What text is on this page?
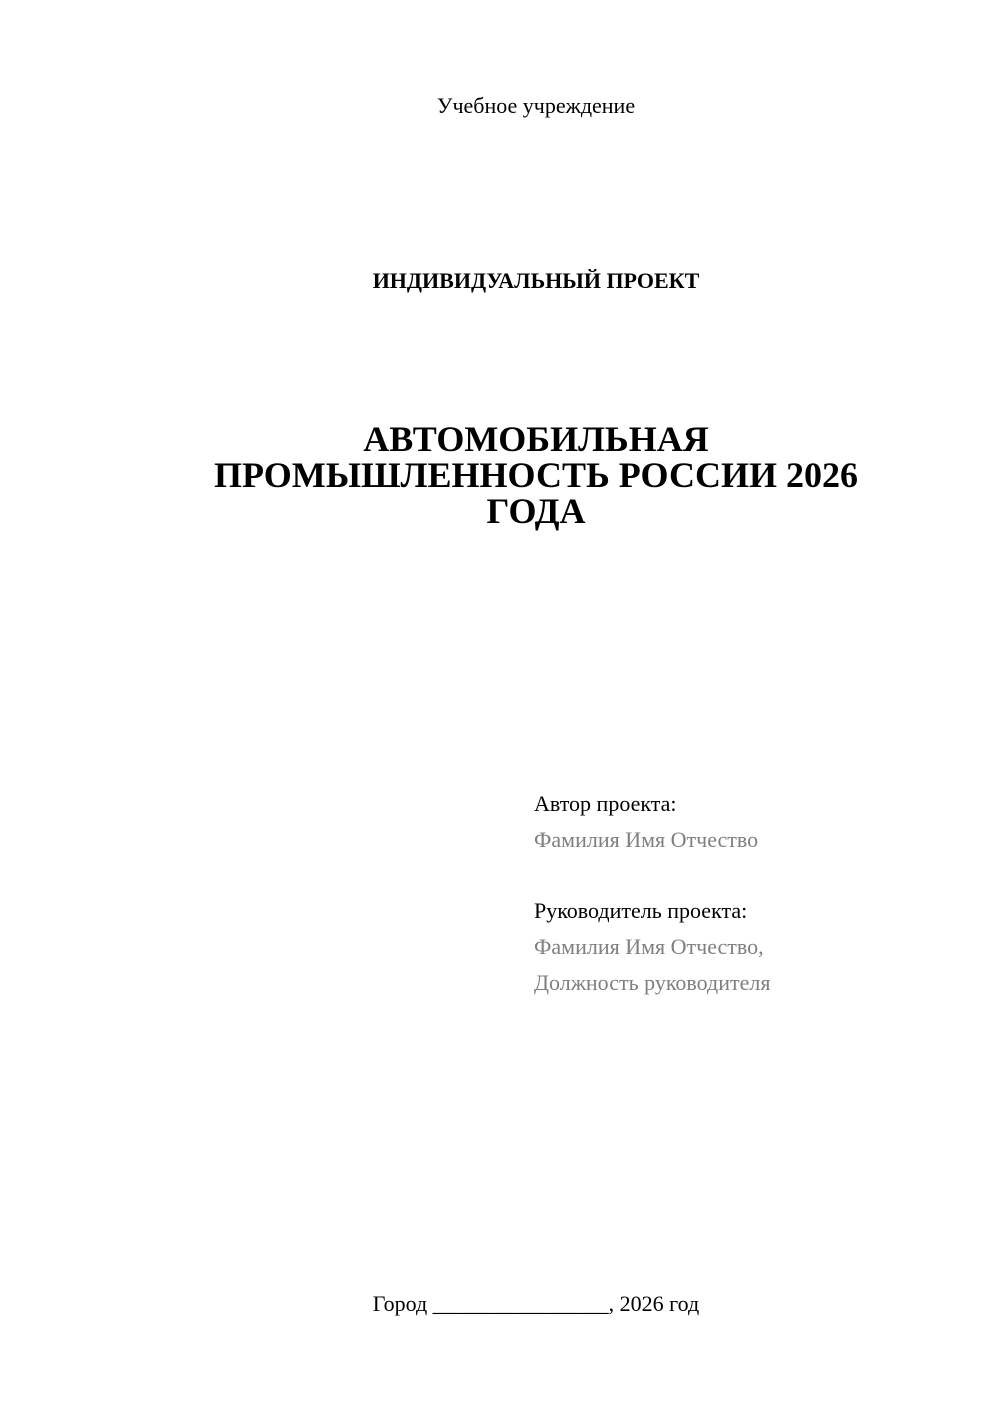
Учебное учреждение
ИНДИВИДУАЛЬНЫЙ ПРОЕКТ
АВТОМОБИЛЬНАЯ
ПРОМЫШЛЕННОСТЬ РОССИИ 2026
ГОДА
Автор проекта:
Фамилия Имя Отчество
Руководитель проекта:
Фамилия Имя Отчество,
Должность руководителя
Город ________________, 2026 год
